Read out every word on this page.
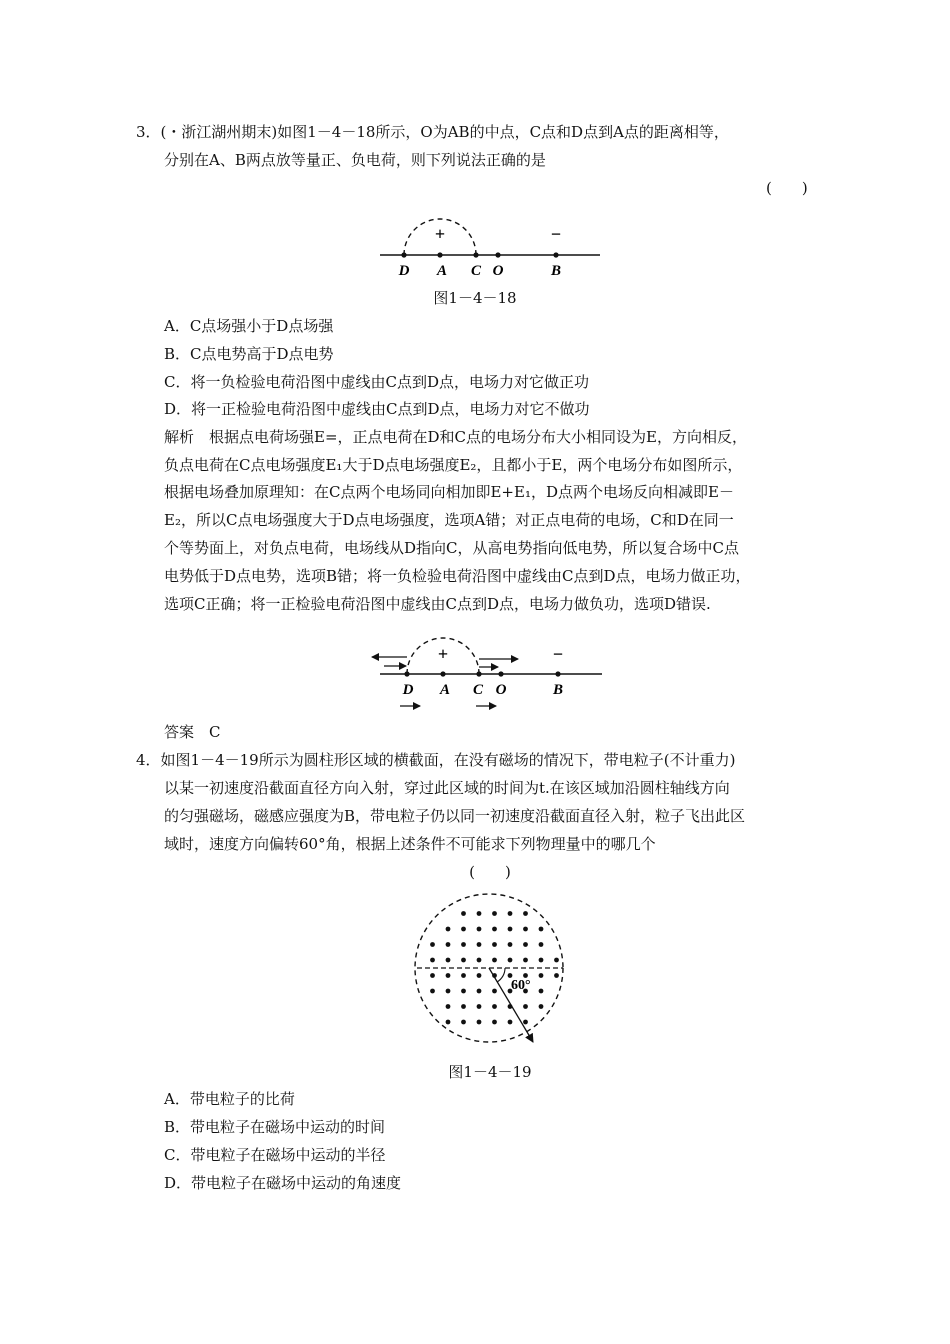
3．(・浙江湖州期末)如图1－4－18所示，O为AB的中点，C点和D点到A点的距离相等，
分别在A、B两点放等量正、负电荷，则下列说法正确的是
(　　)
+	−
D A C O	B
图1－4－18
A．C点场强小于D点场强
B．C点电势高于D点电势
C．将一负检验电荷沿图中虚线由C点到D点，电场力对它做正功
D．将一正检验电荷沿图中虚线由C点到D点，电场力对它不做功
解析　根据点电荷场强E=，正点电荷在D和C点的电场分布大小相同设为E，方向相反，
负点电荷在C点电场强度E₁大于D点电场强度E₂，且都小于E，两个电场分布如图所示，
根据电场叠加原理知：在C点两个电场同向相加即E+E₁，D点两个电场反向相减即E－
E₂，所以C点电场强度大于D点电场强度，选项A错；对正点电荷的电场，C和D在同一
个等势面上，对负点电荷，电场线从D指向C，从高电势指向低电势，所以复合场中C点
电势低于D点电势，选项B错；将一负检验电荷沿图中虚线由C点到D点，电场力做正功，
选项C正确；将一正检验电荷沿图中虚线由C点到D点，电场力做负功，选项D错误.
+	−
D A C O	B
答案　C
4．如图1－4－19所示为圆柱形区域的横截面，在没有磁场的情况下，带电粒子(不计重力)
以某一初速度沿截面直径方向入射，穿过此区域的时间为t.在该区域加沿圆柱轴线方向
的匀强磁场，磁感应强度为B，带电粒子仍以同一初速度沿截面直径入射，粒子飞出此区
域时，速度方向偏转60°角，根据上述条件不可能求下列物理量中的哪几个
(　　)
60°
图1－4－19
A．带电粒子的比荷
B．带电粒子在磁场中运动的时间
C．带电粒子在磁场中运动的半径
D．带电粒子在磁场中运动的角速度
